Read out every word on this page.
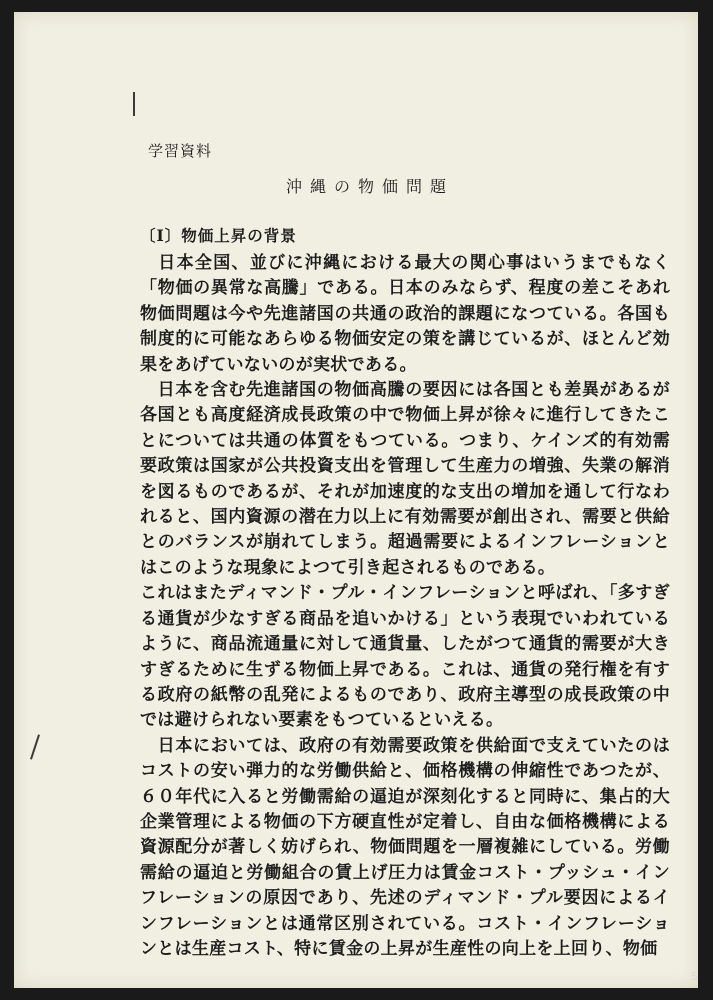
学習資料
沖縄の物価問題
〔Ⅰ〕物価上昇の背景

　日本全国、並びに沖縄における最大の関心事はいうまでもなく「物価の異常な高騰」である。日本のみならず、程度の差こそあれ物価問題は今や先進諸国の共通の政治的課題になつている。各国も制度的に可能なあらゆる物価安定の策を講じているが、ほとんど効果をあげていないのが実状である。

　日本を含む先進諸国の物価高騰の要因には各国とも差異があるが各国とも高度経済成長政策の中で物価上昇が徐々に進行してきたことについては共通の体質をもつている。つまり、ケインズ的有効需要政策は国家が公共投資支出を管理して生産力の増強、失業の解消を図るものであるが、それが加速度的な支出の増加を通して行なわれると、国内資源の潜在力以上に有効需要が創出され、需要と供給とのバランスが崩れてしまう。超過需要によるインフレーションとはこのような現象によつて引き起されるものである。

これはまたディマンド・プル・インフレーションと呼ばれ、「多すぎる通貨が少なすぎる商品を追いかける」という表現でいわれているように、商品流通量に対して通貨量、したがつて通貨的需要が大きすぎるために生ずる物価上昇である。これは、通貨の発行権を有する政府の紙幣の乱発によるものであり、政府主導型の成長政策の中では避けられない要素をもつているといえる。

　日本においては、政府の有効需要政策を供給面で支えていたのはコストの安い弾力的な労働供給と、価格機構の伸縮性であつたが、６０年代に入ると労働需給の逼迫が深刻化すると同時に、集占的大企業管理による物価の下方硬直性が定着し、自由な価格機構による資源配分が著しく妨げられ、物価問題を一層複雑にしている。労働需給の逼迫と労働組合の賃上げ圧力は賃金コスト・プッシュ・インフレーションの原因であり、先述のディマンド・プル要因によるインフレーションとは通常区別されている。コスト・インフレーションとは生産コスト、特に賃金の上昇が生産性の向上を上回り、物価

5
